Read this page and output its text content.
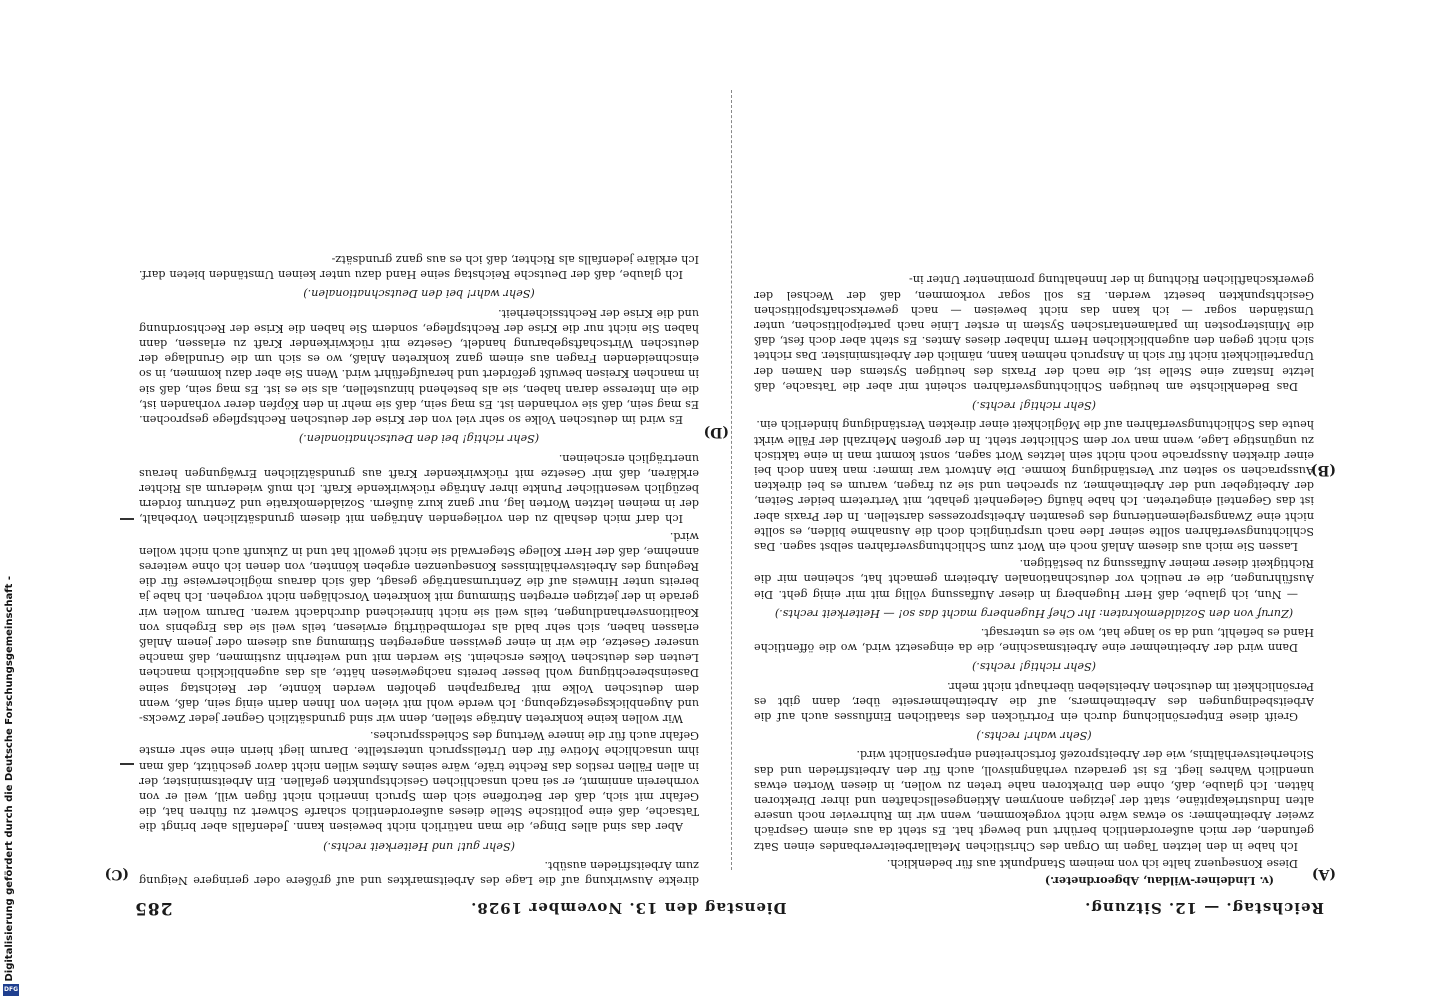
Reichstag. — 12. Sitzung.
Dienstag den 13. November 1928.
285
(A)
(B)
(C)
(D)

(v. Lindeiner-Wildau, Abgeordneter.)

Diese Konsequenz halte ich von meinem Standpunkt aus für bedenklich.

Ich habe in den letzten Tagen im Organ des Christlichen Metallarbeiterverbandes einen Satz gefunden, der mich außerordentlich berührt und bewegt hat. Es steht da aus einem Gespräch zweier Arbeitnehmer: so etwas wäre nicht vorgekommen, wenn wir im Ruhrrevier noch unsere alten Industriekapitäne, statt der jetzigen anonymen Aktiengesellschaften und ihrer Direktoren hätten. Ich glaube, daß, ohne den Direktoren nahe treten zu wollen, in diesen Worten etwas unendlich Wahres liegt. Es ist geradezu verhängnisvoll, auch für den Arbeitsfrieden und das Sicherheitsverhältnis, wie der Arbeitsprozeß fortschreitend entpersönlicht wird.

(Sehr wahr! rechts.)

Greift diese Entpersönlichung durch ein Fortrücken des staatlichen Einflusses auch auf die Arbeitsbedingungen des Arbeitnehmers, auf die Arbeitnehmerseite über, dann gibt es Persönlichkeit im deutschen Arbeitsleben überhaupt nicht mehr.

(Sehr richtig! rechts.)

Dann wird der Arbeitnehmer eine Arbeitsmaschine, die da eingesetzt wird, wo die öffentliche Hand es befiehlt, und da so lange hat, wo sie es untersagt.

(Zuruf von den Sozialdemokraten: Ihr Chef Hugenberg macht das so! — Heiterkeit rechts.)

— Nun, ich glaube, daß Herr Hugenberg in dieser Auffassung völlig mit mir einig geht. Die Ausführungen, die er neulich vor deutschnationalen Arbeitern gemacht hat, scheinen mir die Richtigkeit dieser meiner Auffassung zu bestätigen.

Lassen Sie mich aus diesem Anlaß noch ein Wort zum Schlichtungsverfahren selbst sagen. Das Schlichtungsverfahren sollte seiner Idee nach ursprünglich doch die Ausnahme bilden, es sollte nicht eine Zwangsreglementierung des gesamten Arbeitsprozesses darstellen. In der Praxis aber ist das Gegenteil eingetreten. Ich habe häufig Gelegenheit gehabt, mit Vertretern beider Seiten, der Arbeitgeber und der Arbeitnehmer, zu sprechen und sie zu fragen, warum es bei direkten Aussprachen so selten zur Verständigung komme. Die Antwort war immer: man kann doch bei einer direkten Aussprache noch nicht sein letztes Wort sagen, sonst kommt man in eine taktisch zu ungünstige Lage, wenn man vor dem Schlichter steht. In der großen Mehrzahl der Fälle wirkt heute das Schlichtungsverfahren auf die Möglichkeit einer direkten Verständigung hinderlich ein.

(Sehr richtig! rechts.)

Das Bedenklichste am heutigen Schlichtungsverfahren scheint mir aber die Tatsache, daß letzte Instanz eine Stelle ist, die nach der Praxis des heutigen Systems den Namen der Unparteilichkeit nicht für sich in Anspruch nehmen kann, nämlich der Arbeitsminister. Das richtet sich nicht gegen den augenblicklichen Herrn Inhaber dieses Amtes. Es steht aber doch fest, daß die Ministerposten im parlamentarischen System in erster Linie nach parteipolitischen, unter Umständen sogar — ich kann das nicht beweisen — nach gewerkschaftspolitischen Gesichtspunkten besetzt werden. Es soll sogar vorkommen, daß der Wechsel der gewerkschaftlichen Richtung in der Innehaltung prominenter Unter in-

direkte Auswirkung auf die Lage des Arbeitsmarktes und auf größere oder geringere Neigung zum Arbeitsfrieden ausübt.

(Sehr gut! und Heiterkeit rechts.)

Aber das sind alles Dinge, die man natürlich nicht beweisen kann. Jedenfalls aber bringt die Tatsache, daß eine politische Stelle dieses außerordentlich scharfe Schwert zu führen hat, die Gefahr mit sich, daß der Betroffene sich dem Spruch innerlich nicht fügen will, weil er von vornherein annimmt, er sei nach unsachlichen Gesichtspunkten gefallen. Ein Arbeitsminister, der in allen Fällen restlos das Rechte träfe, wäre seines Amtes willen nicht davor geschützt, daß man ihm unsachliche Motive für den Urteilsspruch unterstellte. Darum liegt hierin eine sehr ernste Gefahr auch für die innere Wertung des Schiedsspruches.

Wir wollen keine konkreten Anträge stellen, denn wir sind grundsätzlich Gegner jeder Zwecks- und Augenblicksgesetzgebung. Ich werde wohl mit vielen von Ihnen darin einig sein, daß, wenn dem deutschen Volke mit Paragraphen geholfen werden könnte, der Reichstag seine Daseinsberechtigung wohl besser bereits nachgewiesen hätte, als das augenblicklich manchen Leuten des deutschen Volkes erscheint. Sie werden mit und weiterhin zustimmen, daß manche unserer Gesetze, die wir in einer gewissen angeregten Stimmung aus diesem oder jenem Anlaß erlassen haben, sich sehr bald als reformbedürftig erwiesen, teils weil sie das Ergebnis von Koalitionsverhandlungen, teils weil sie nicht hinreichend durchdacht waren. Darum wollen wir gerade in der jetzigen erregten Stimmung mit konkreten Vorschlägen nicht vorgehen. Ich habe ja bereits unter Hinweis auf die Zentrumsanträge gesagt, daß sich daraus möglicherweise für die Regelung des Arbeitsverhältnisses Konsequenzen ergeben könnten, von denen ich ohne weiteres annehme, daß der Herr Kollege Stegerwald sie nicht gewollt hat und in Zukunft auch nicht wollen wird.

Ich darf mich deshalb zu den vorliegenden Anträgen mit diesem grundsätzlichen Vorbehalt, der in meinen letzten Worten lag, nur ganz kurz äußern. Sozialdemokratie und Zentrum fordern bezüglich wesentlicher Punkte ihrer Anträge rückwirkende Kraft. Ich muß wiederum als Richter erklären, daß mir Gesetze mit rückwirkender Kraft aus grundsätzlichen Erwägungen heraus unerträglich erscheinen.

(Sehr richtig! bei den Deutschnationalen.)

Es wird im deutschen Volke so sehr viel von der Krise der deutschen Rechtspflege gesprochen. Es mag sein, daß sie vorhanden ist. Es mag sein, daß sie mehr in den Köpfen derer vorhanden ist, die ein Interesse daran haben, sie als bestehend hinzustellen, als sie es ist. Es mag sein, daß sie in manchen Kreisen bewußt gefördert und heraufgeführt wird. Wenn Sie aber dazu kommen, in so einschneidenden Fragen aus einem ganz konkreten Anlaß, wo es sich um die Grundlage der deutschen Wirtschaftsgebarung handelt, Gesetze mit rückwirkender Kraft zu erlassen, dann haben Sie nicht nur die Krise der Rechtspflege, sondern Sie haben die Krise der Rechtsordnung und die Krise der Rechtssicherheit.

(Sehr wahr! bei den Deutschnationalen.)

Ich glaube, daß der Deutsche Reichstag seine Hand dazu unter keinen Umständen bieten darf. Ich erkläre jedenfalls als Richter, daß ich es aus ganz grundsätz-

Digitalisierung gefördert durch die Deutsche Forschungsgemeinschaft -
DFG
